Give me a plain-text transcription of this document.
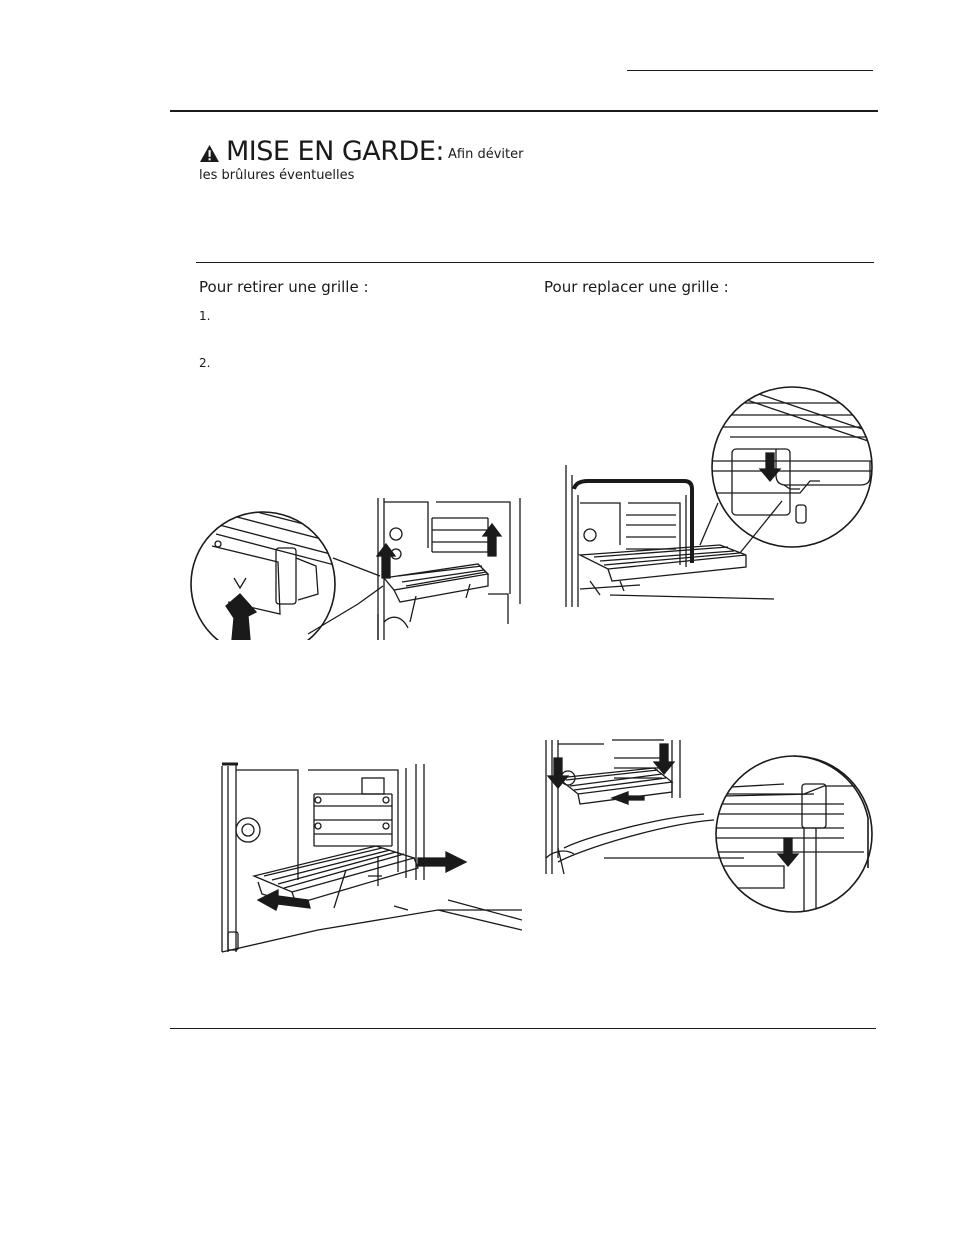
MISE EN GARDE: Afin déviter
les brûlures éventuelles
Pour retirer une grille :	Pour replacer une grille :
1.
2.
